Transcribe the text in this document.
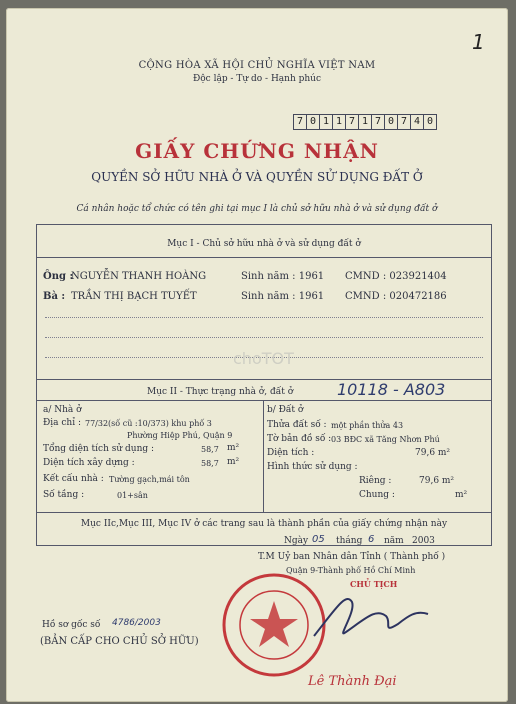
1
CỘNG HÒA XÃ HỘI CHỦ NGHĨA VIỆT NAM
Độc lập - Tự do - Hạnh phúc
7 0 1 1 7 1 7 0 7 4 0
GIẤY CHỨNG NHẬN
QUYỀN SỞ HỮU NHÀ Ở VÀ QUYỀN SỬ DỤNG ĐẤT Ở
Cá nhân hoặc tổ chức có tên ghi tại mục I là chủ sở hữu nhà ở và sử dụng đất ở
Mục I - Chủ sở hữu nhà ở và sử dụng đất ở
Ông :
NGUYỄN THANH HOÀNG	Sinh năm : 1961 CMND : 023921404
Bà : TRẦN THỊ BẠCH TUYẾT	Sinh năm : 1961 CMND : 020472186
choTOT
Mục II - Thực trạng nhà ở, đất ở	10118 - A803
a/ Nhà ở
Địa chỉ : 77/32(số cũ :10/373) khu phố 3
Phường Hiệp Phú, Quận 9
Tổng diện tích sử dụng :	58,7 m²
Diện tích xây dựng :	58,7 m²
Kết cấu nhà : Tường gạch,mái tôn
Số tầng :	01+sân
b/ Đất ở
Thửa đất số : một phần thửa 43
Tờ bản đồ số : 03 BĐC xã Tăng Nhơn Phú
Diện tích :	79,6 m²
Hình thức sử dụng :
Riêng :	79,6 m²
Chung :	m²
Mục IIc,Mục III, Mục IV ở các trang sau là thành phần của giấy chứng nhận này
Ngày 05 tháng 6 năm 2003
T.M Uỷ ban Nhân dân Tỉnh ( Thành phố )
Quận 9-Thành phố Hồ Chí Minh
CHỦ TỊCH
Lê Thành Đại
Hồ sơ gốc số 4786/2003
(BẢN CẤP CHO CHỦ SỞ HỮU)
